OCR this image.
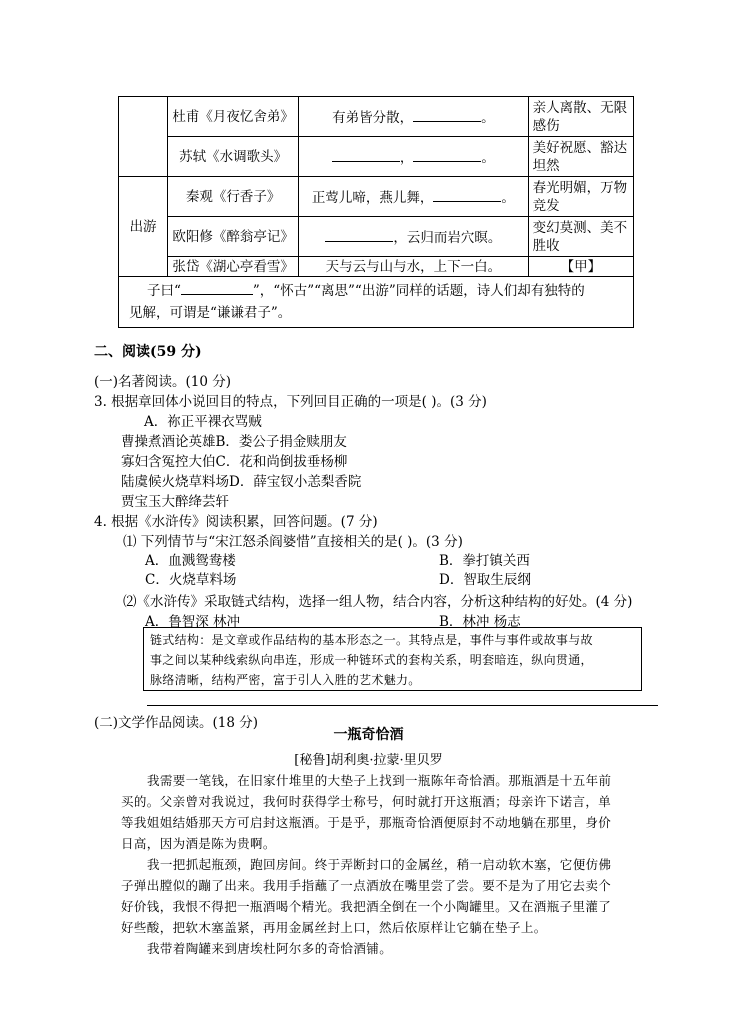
	杜甫《月夜忆舍弟》	有弟皆分散， 。	亲人离散、无限
感伤

	苏轼《水调歌头》	， 。	美好祝愿、豁达
坦然

出游	秦观《行香子》	正莺儿啼，燕儿舞， 。	春光明媚，万物
竞发

	欧阳修《醉翁亭记》	，云归而岩穴暝。	变幻莫测、美不
胜收

	张岱《湖心亭看雪》	天与云与山与水，上下一白。	【甲】

子曰“ ”，“怀古”“离思”“出游”同样的话题，诗人们却有独特的
见解，可谓是“谦谦君子”。			
二、阅读(59 分)
(一)名著阅读。(10 分)
3. 根据章回体小说回目的特点，下列回目正确的一项是( )。(3 分)
A．祢正平裸衣骂贼
曹操煮酒论英雄B．娄公子捐金赎朋友
寡妇含冤控大伯C．花和尚倒拔垂杨柳
陆虞候火烧草料场D．薛宝钗小恙梨香院
贾宝玉大醉绛芸轩
4. 根据《水浒传》阅读积累，回答问题。(7 分)
⑴ 下列情节与“宋江怒杀阎婆惜”直接相关的是( )。(3 分)
A．血溅鸳鸯楼	B．拳打镇关西
C．火烧草料场	D．智取生辰纲
⑵《水浒传》采取链式结构，选择一组人物，结合内容，分析这种结构的好处。(4 分)
A．鲁智深 林冲	B．林冲 杨志
链式结构：是文章或作品结构的基本形态之一。其特点是，事件与事件或故事与故
事之间以某种线索纵向串连，形成一种链环式的套构关系，明套暗连，纵向贯通，
脉络清晰，结构严密，富于引人入胜的艺术魅力。
(二)文学作品阅读。(18 分)
一瓶奇恰酒
[秘鲁]胡利奥·拉蒙·里贝罗
我需要一笔钱，在旧家什堆里的大垫子上找到一瓶陈年奇恰酒。那瓶酒是十五年前
买的。父亲曾对我说过，我何时获得学士称号，何时就打开这瓶酒；母亲许下诺言，单
等我姐姐结婚那天方可启封这瓶酒。于是乎，那瓶奇恰酒便原封不动地躺在那里，身价
日高，因为酒是陈为贵啊。
我一把抓起瓶颈，跑回房间。终于弄断封口的金属丝，稍一启动软木塞，它便仿佛
子弹出膛似的蹦了出来。我用手指蘸了一点酒放在嘴里尝了尝。要不是为了用它去卖个
好价钱，我恨不得把一瓶酒喝个精光。我把酒全倒在一个小陶罐里。又在酒瓶子里灌了
好些酸，把软木塞盖紧，再用金属丝封上口，然后依原样让它躺在垫子上。
我带着陶罐来到唐埃杜阿尔多的奇恰酒铺。
